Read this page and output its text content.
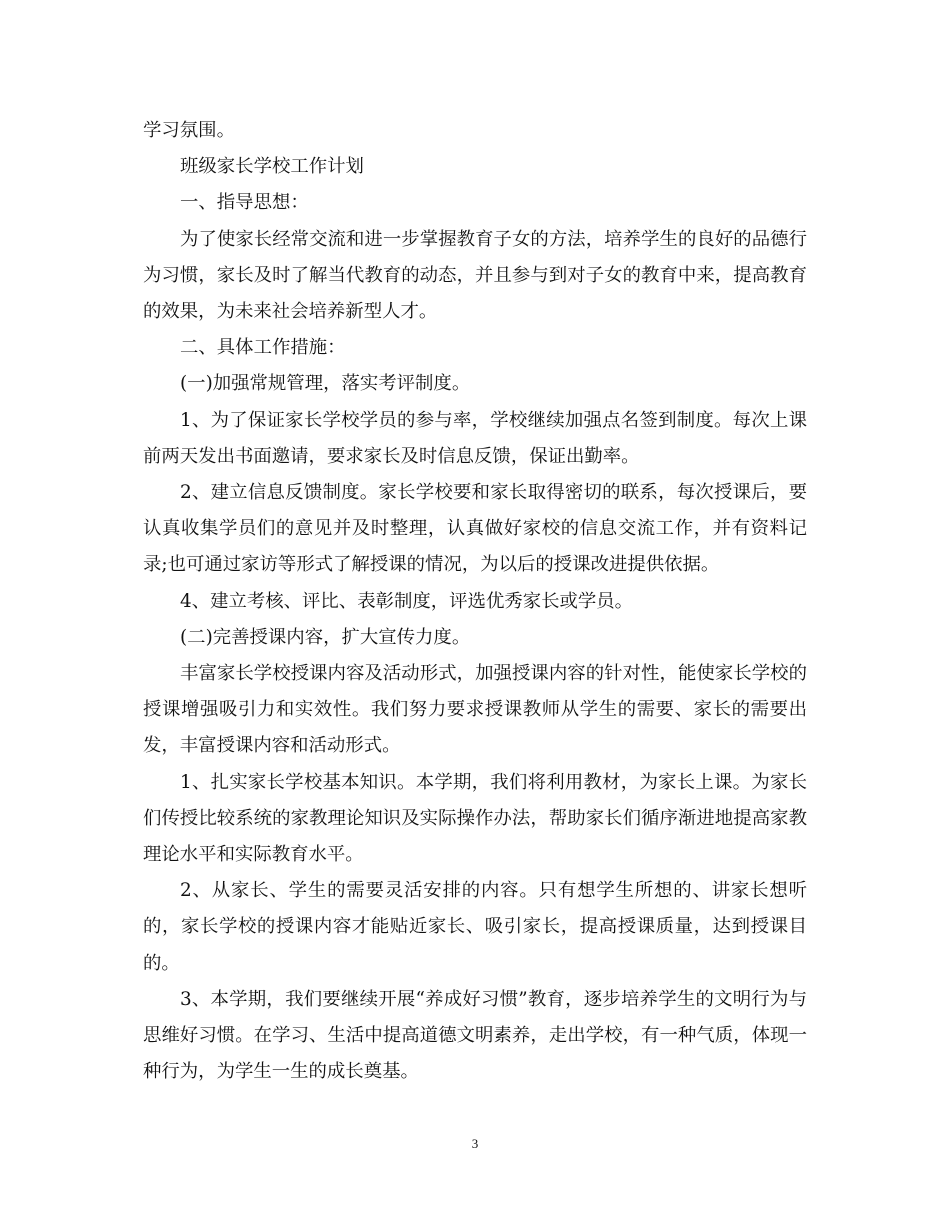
学习氛围。

班级家长学校工作计划

一、指导思想：

为了使家长经常交流和进一步掌握教育子女的方法，培养学生的良好的品德行为习惯，家长及时了解当代教育的动态，并且参与到对子女的教育中来，提高教育的效果，为未来社会培养新型人才。

二、具体工作措施：

(一)加强常规管理，落实考评制度。

1、为了保证家长学校学员的参与率，学校继续加强点名签到制度。每次上课前两天发出书面邀请，要求家长及时信息反馈，保证出勤率。

2、建立信息反馈制度。家长学校要和家长取得密切的联系，每次授课后，要认真收集学员们的意见并及时整理，认真做好家校的信息交流工作，并有资料记录;也可通过家访等形式了解授课的情况，为以后的授课改进提供依据。

4、建立考核、评比、表彰制度，评选优秀家长或学员。

(二)完善授课内容，扩大宣传力度。

丰富家长学校授课内容及活动形式，加强授课内容的针对性，能使家长学校的授课增强吸引力和实效性。我们努力要求授课教师从学生的需要、家长的需要出发，丰富授课内容和活动形式。

1、扎实家长学校基本知识。本学期，我们将利用教材，为家长上课。为家长们传授比较系统的家教理论知识及实际操作办法，帮助家长们循序渐进地提高家教理论水平和实际教育水平。

2、从家长、学生的需要灵活安排的内容。只有想学生所想的、讲家长想听的，家长学校的授课内容才能贴近家长、吸引家长，提高授课质量，达到授课目的。

3、本学期，我们要继续开展“养成好习惯”教育，逐步培养学生的文明行为与思维好习惯。在学习、生活中提高道德文明素养，走出学校，有一种气质，体现一种行为，为学生一生的成长奠基。

3
